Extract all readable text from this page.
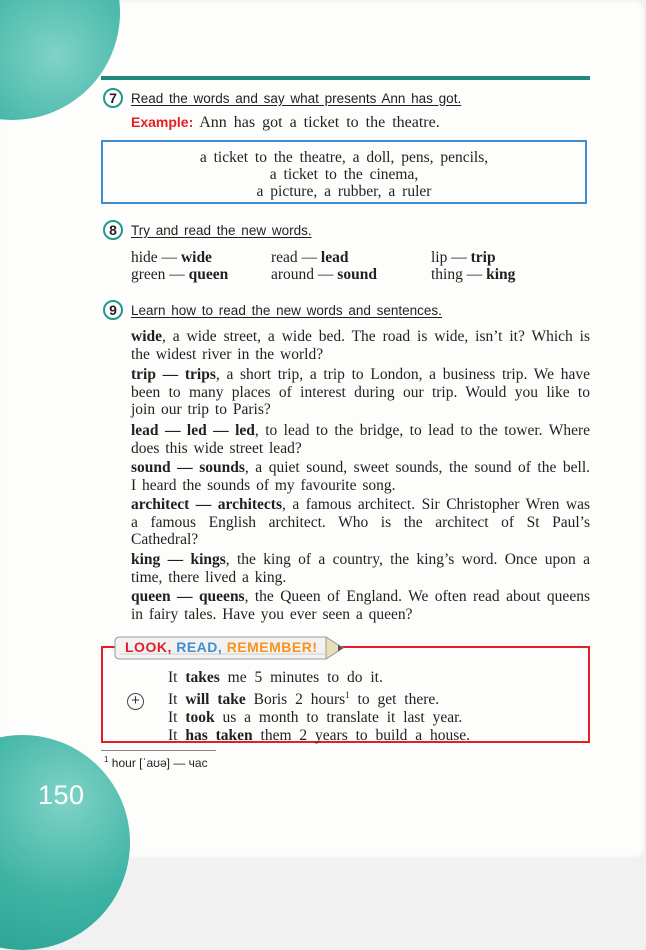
150
7	Read the words and say what presents Ann has got.
Example: Ann has got a ticket to the theatre.
a ticket to the theatre, a doll, pens, pencils,
a ticket to the cinema,
a picture, a rubber, a ruler
8	Try and read the new words.
hide — wide	read — lead	lip — trip
green — queen	around — sound	thing — king
9	Learn how to read the new words and sentences.
wide, a wide street, a wide bed. The road is wide, isn’t it? Which is the widest river in the world?
trip — trips, a short trip, a trip to London, a business trip. We have been to many places of interest during our trip. Would you like to join our trip to Paris?
lead — led — led, to lead to the bridge, to lead to the tower. Where does this wide street lead?
sound — sounds, a quiet sound, sweet sounds, the sound of the bell. I heard the sounds of my favourite song.
architect — architects, a famous architect. Sir Christopher Wren was a famous English architect. Who is the architect of St Paul’s Cathedral?
king — kings, the king of a country, the king’s word. Once upon a time, there lived a king.
queen — queens, the Queen of England. We often read about queens in fairy tales. Have you ever seen a queen?
LOOK, READ, REMEMBER!
+
It takes me 5 minutes to do it.
It will take Boris 2 hours$^1$ to get there.
It took us a month to translate it last year.
It has taken them 2 years to build a house.
$^1$ hour [ˈaʊə] — час
